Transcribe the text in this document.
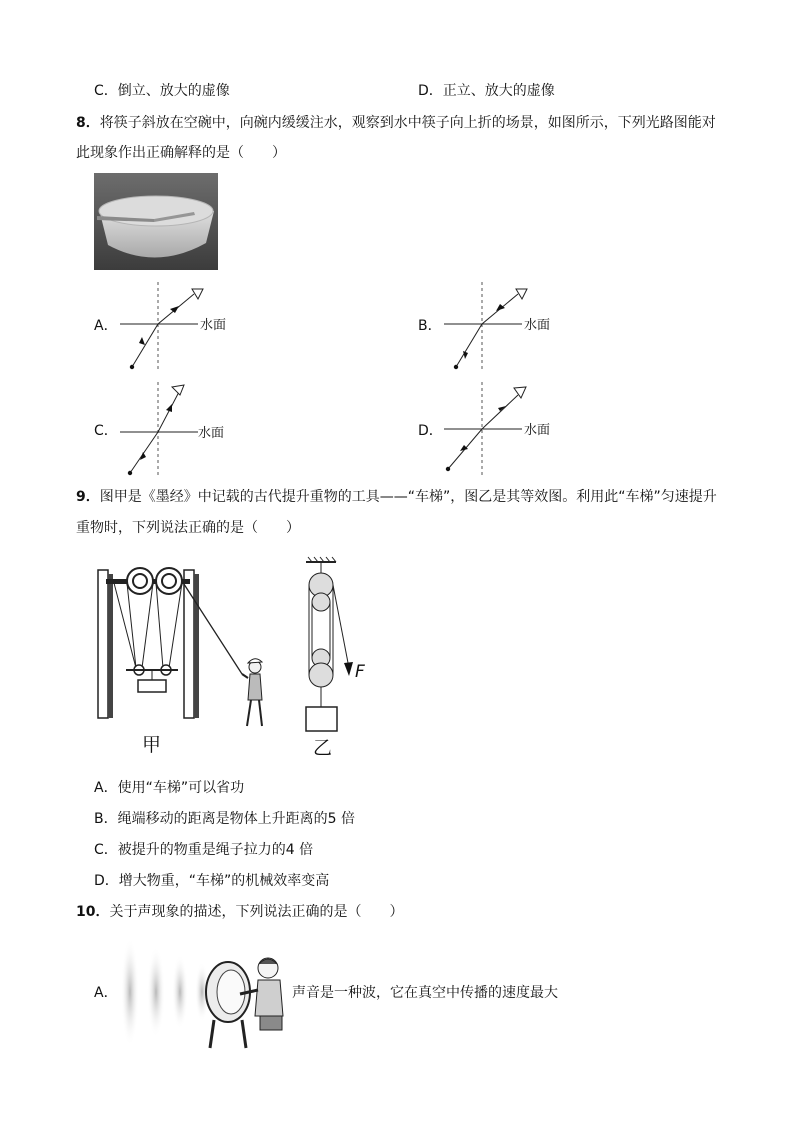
C．倒立、放大的虚像	D．正立、放大的虚像
8．将筷子斜放在空碗中，向碗内缓缓注水，观察到水中筷子向上折的场景，如图所示，下列光路图能对
此现象作出正确解释的是（　　）
A．	水面	B．	水面
C．	水面	D．	水面
9．图甲是《墨经》中记载的古代提升重物的工具——“车梯”，图乙是其等效图。利用此“车梯”匀速提升
重物时，下列说法正确的是（　　）
甲
F
乙
A．使用“车梯”可以省功
B．绳端移动的距离是物体上升距离的5 倍
C．被提升的物重是绳子拉力的4 倍
D．增大物重，“车梯”的机械效率变高
10．关于声现象的描述，下列说法正确的是（　　）
A．	声音是一种波，它在真空中传播的速度最大
